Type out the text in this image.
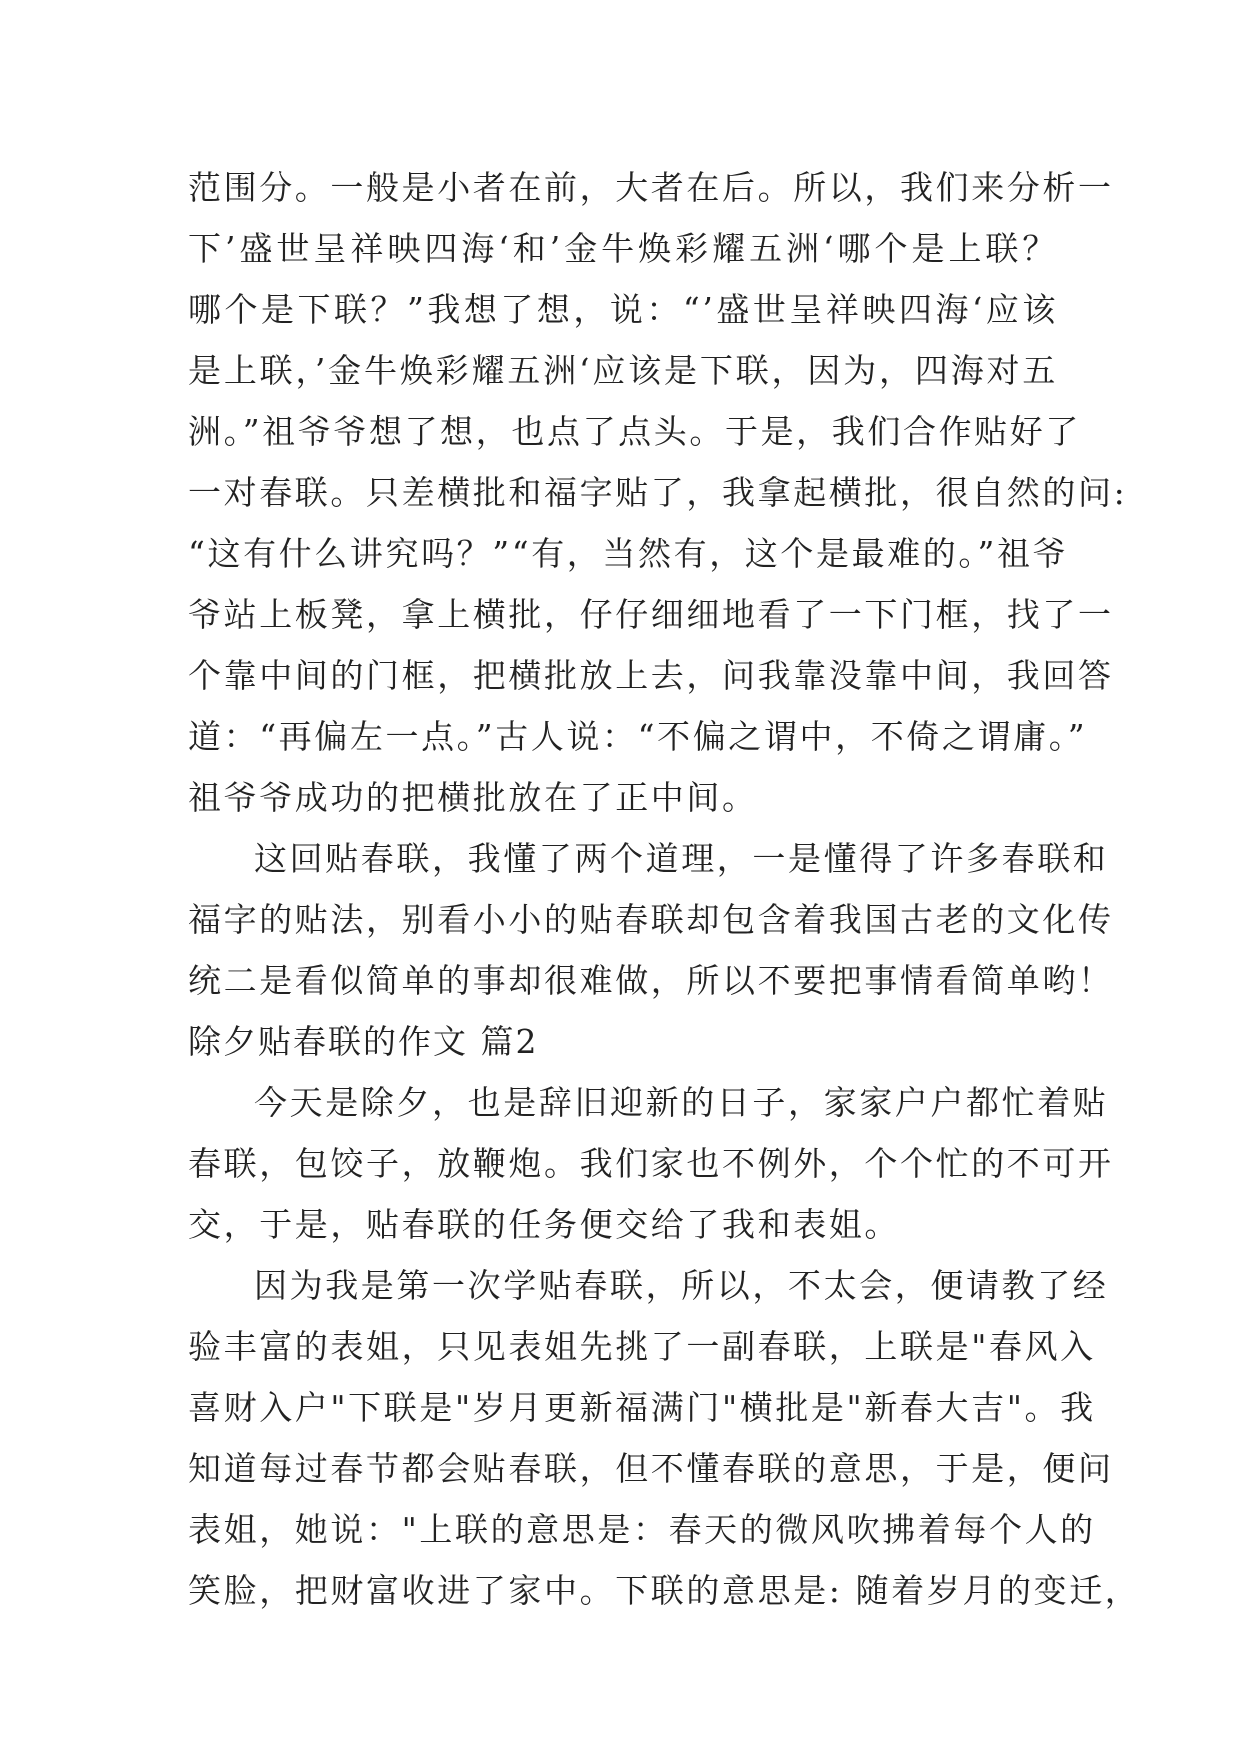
范围分。一般是小者在前，大者在后。所以，我们来分析一
下’盛世呈祥映四海‘和’金牛焕彩耀五洲‘哪个是上联？
哪个是下联？”我想了想，说：“’盛世呈祥映四海‘应该
是上联，’金牛焕彩耀五洲‘应该是下联，因为，四海对五
洲。”祖爷爷想了想，也点了点头。于是，我们合作贴好了
一对春联。只差横批和福字贴了，我拿起横批，很自然的问:
“这有什么讲究吗？”“有，当然有，这个是最难的。”祖爷
爷站上板凳，拿上横批，仔仔细细地看了一下门框，找了一
个靠中间的门框，把横批放上去，问我靠没靠中间，我回答
道：“再偏左一点。”古人说：“不偏之谓中，不倚之谓庸。”
祖爷爷成功的把横批放在了正中间。
这回贴春联，我懂了两个道理，一是懂得了许多春联和
福字的贴法，别看小小的贴春联却包含着我国古老的文化传
统二是看似简单的事却很难做，所以不要把事情看简单哟！
除夕贴春联的作文 篇2
今天是除夕，也是辞旧迎新的日子，家家户户都忙着贴
春联，包饺子，放鞭炮。我们家也不例外，个个忙的不可开
交，于是，贴春联的任务便交给了我和表姐。
因为我是第一次学贴春联，所以，不太会，便请教了经
验丰富的表姐，只见表姐先挑了一副春联，上联是"春风入
喜财入户"下联是"岁月更新福满门"横批是"新春大吉"。我
知道每过春节都会贴春联，但不懂春联的意思，于是，便问
表姐，她说："上联的意思是：春天的微风吹拂着每个人的
笑脸，把财富收进了家中。下联的意思是: 随着岁月的变迁，
